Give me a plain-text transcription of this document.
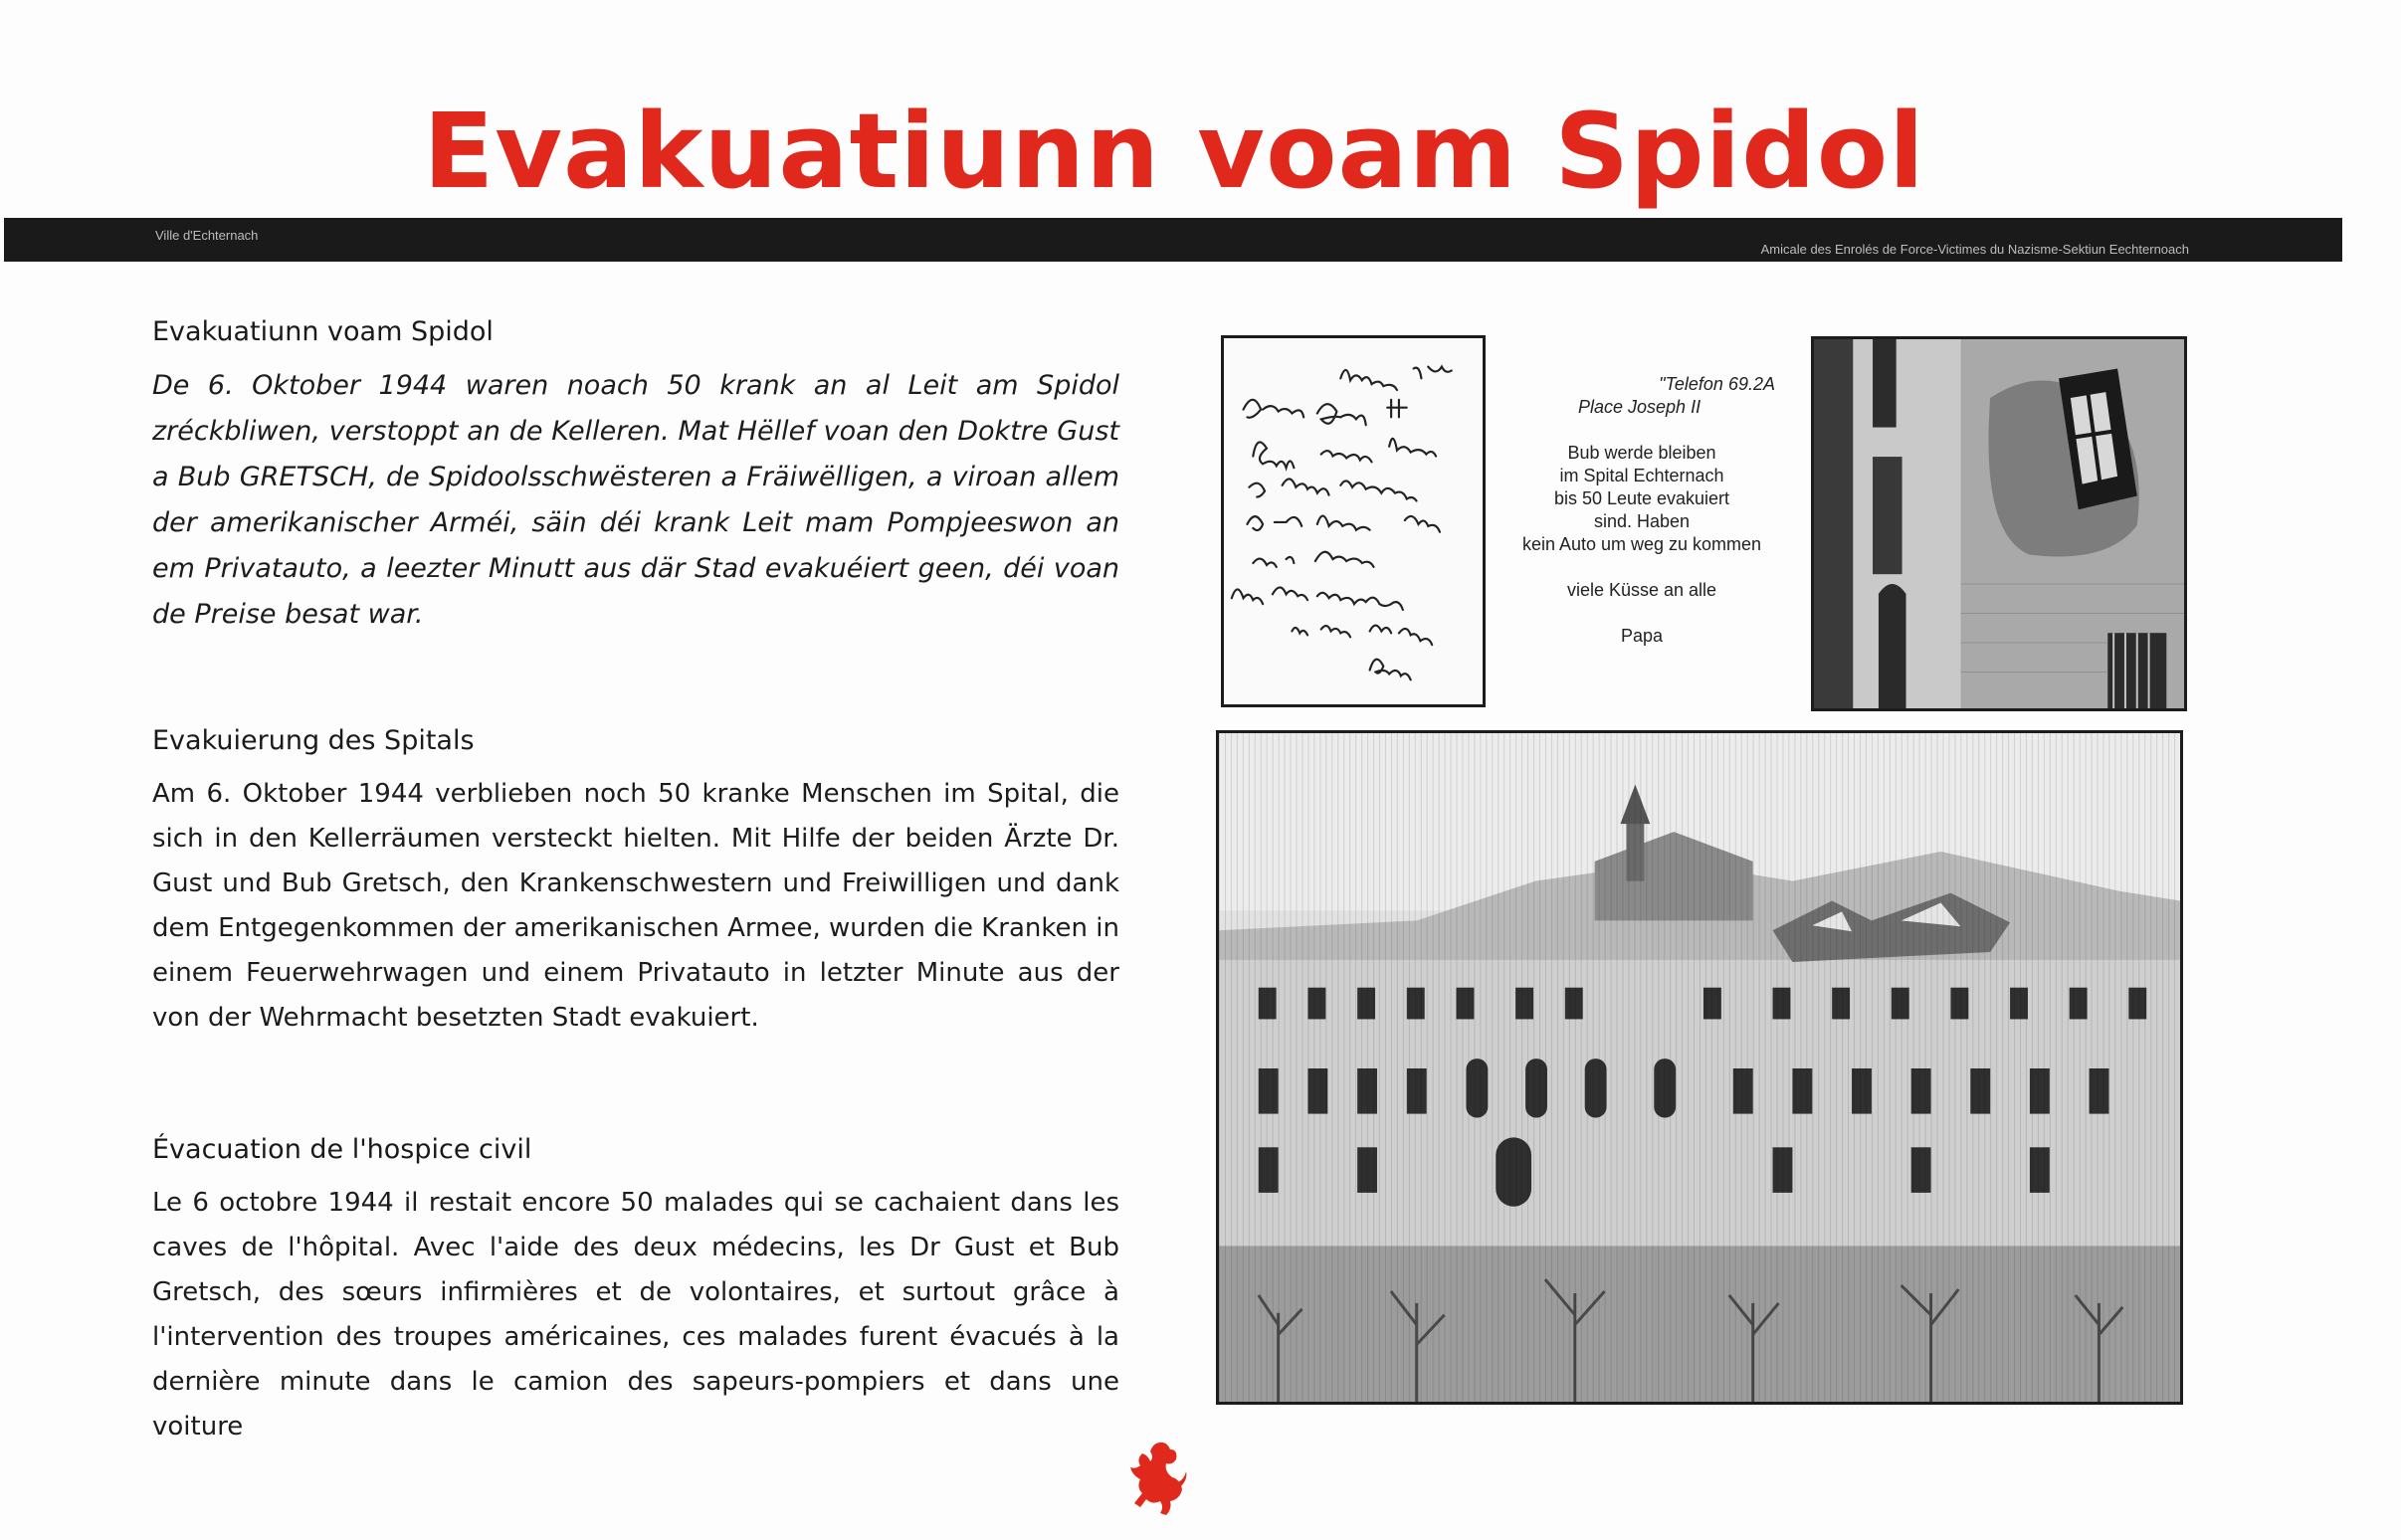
Evakuatiunn voam Spidol
Ville d'Echternach
Amicale des Enrolés de Force-Victimes du Nazisme-Sektiun Eechternoach
Evakuatiunn voam Spidol

De 6. Oktober 1944 waren noach 50 krank an al Leit am Spidol zréckbliwen, verstoppt an de Kelleren. Mat Hëllef voan den Doktre Gust a Bub GRETSCH, de Spidoolsschwësteren a Fräiwëlligen, a viroan allem der amerikanischer Arméi, säin déi krank Leit mam Pompjeeswon an em Privatauto, a leezter Minutt aus där Stad evakuéiert geen, déi voan de Preise besat war.

Evakuierung des Spitals

Am 6. Oktober 1944 verblieben noch 50 kranke Menschen im Spital, die sich in den Kellerräumen versteckt hielten. Mit Hilfe der beiden Ärzte Dr. Gust und Bub Gretsch, den Krankenschwestern und Freiwilligen und dank dem Entgegenkommen der amerikanischen Armee, wurden die Kranken in einem Feuerwehrwagen und einem Privatauto in letzter Minute aus der von der Wehrmacht besetzten Stadt evakuiert.

Évacuation de l'hospice civil

Le 6 octobre 1944 il restait encore 50 malades qui se cachaient dans les caves de l'hôpital. Avec l'aide des deux médecins, les Dr Gust et Bub Gretsch, des sœurs infirmières et de volontaires, et surtout grâce à l'intervention des troupes américaines, ces malades furent évacués à la dernière minute dans le camion des sapeurs-pompiers et dans une voiture

"Telefon 69.2A
Place Joseph II
Bub werde bleiben
im Spital Echternach
bis 50 Leute evakuiert
sind. Haben
kein Auto um weg zu kommen
viele Küsse an alle
Papa
